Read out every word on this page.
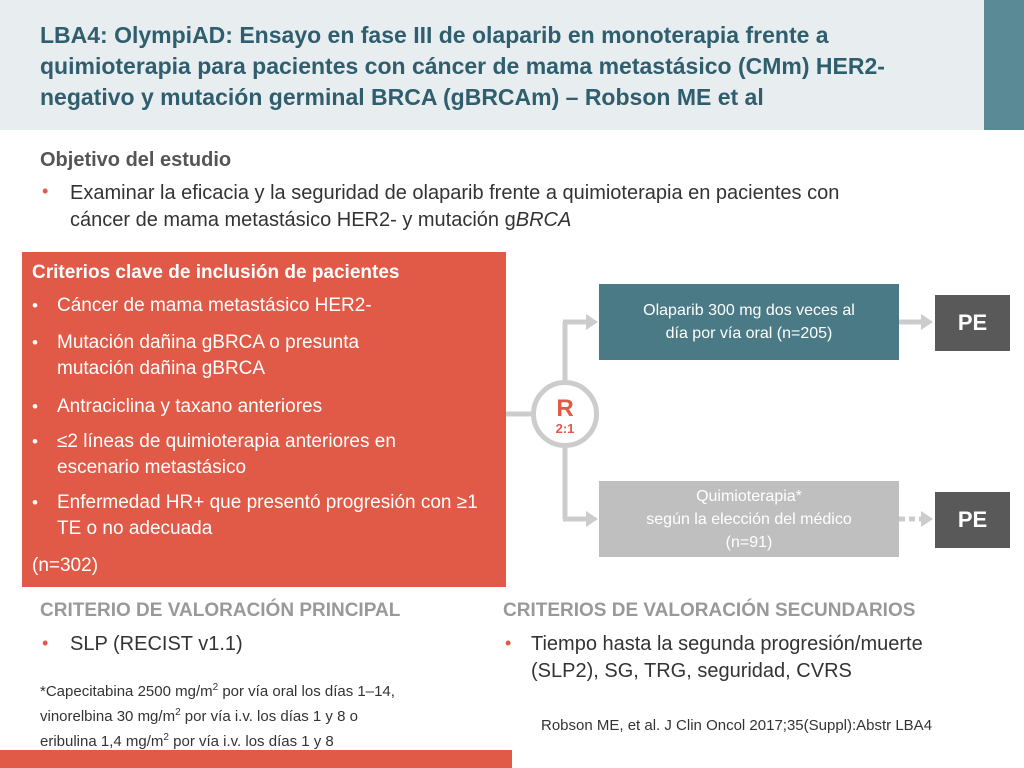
LBA4: OlympiAD: Ensayo en fase III de olaparib en monoterapia frente a quimioterapia para pacientes con cáncer de mama metastásico (CMm) HER2-negativo y mutación germinal BRCA (gBRCAm) – Robson ME et al
Objetivo del estudio
• Examinar la eficacia y la seguridad de olaparib frente a quimioterapia en pacientes con
cáncer de mama metastásico HER2- y mutación gBRCA
Criterios clave de inclusión de pacientes
• Cáncer de mama metastásico HER2-
• Mutación dañina gBRCA o presunta mutación dañina gBRCA
• Antraciclina y taxano anteriores
• ≤2 líneas de quimioterapia anteriores en escenario metastásico
• Enfermedad HR+ que presentó progresión con ≥1 TE o no adecuada
(n=302)
R
2:1
Olaparib 300 mg dos veces al
día por vía oral (n=205)	PE
Quimioterapia*
según la elección del médico
(n=91)
PE
CRITERIO DE VALORACIÓN PRINCIPAL
• SLP (RECIST v1.1)
CRITERIOS DE VALORACIÓN SECUNDARIOS
• Tiempo hasta la segunda progresión/muerte
(SLP2), SG, TRG, seguridad, CVRS
*Capecitabina 2500 $mg/m^2$ por vía oral los días 1–14,
vinorelbina 30 $mg/m^2$ por vía i.v. los días 1 y 8 o
eribulina 1,4 $mg/m^2$ por vía i.v. los días 1 y 8
Robson ME, et al. J Clin Oncol 2017;35(Suppl):Abstr LBA4
